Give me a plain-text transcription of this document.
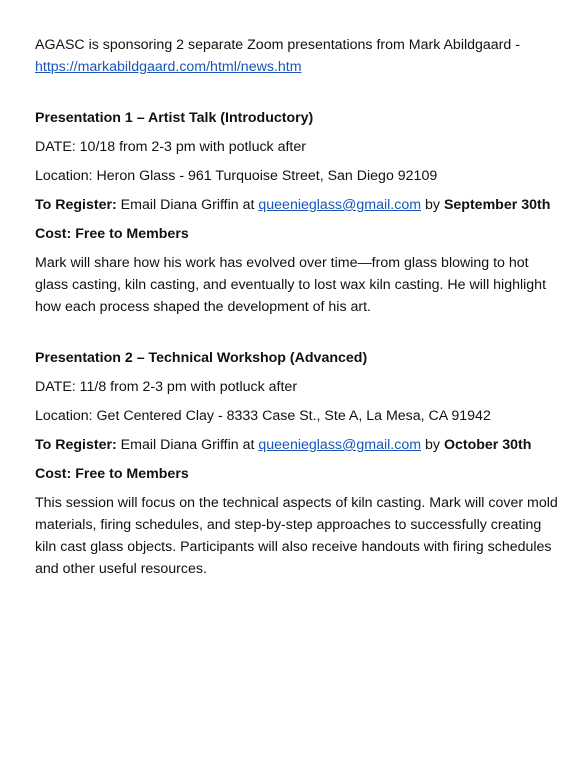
AGASC is sponsoring 2 separate Zoom presentations from Mark Abildgaard -
https://markabildgaard.com/html/news.htm

Presentation 1 – Artist Talk (Introductory)

DATE: 10/18 from 2-3 pm with potluck after

Location: Heron Glass - 961 Turquoise Street, San Diego 92109

To Register: Email Diana Griffin at queenieglass@gmail.com by September 30th

Cost: Free to Members

Mark will share how his work has evolved over time—from glass blowing to hot glass casting, kiln casting, and eventually to lost wax kiln casting. He will highlight how each process shaped the development of his art.

Presentation 2 – Technical Workshop (Advanced)

DATE: 11/8 from 2-3 pm with potluck after

Location: Get Centered Clay - 8333 Case St., Ste A, La Mesa, CA 91942

To Register: Email Diana Griffin at queenieglass@gmail.com by October 30th

Cost: Free to Members

This session will focus on the technical aspects of kiln casting. Mark will cover mold materials, firing schedules, and step-by-step approaches to successfully creating kiln cast glass objects. Participants will also receive handouts with firing schedules and other useful resources.
